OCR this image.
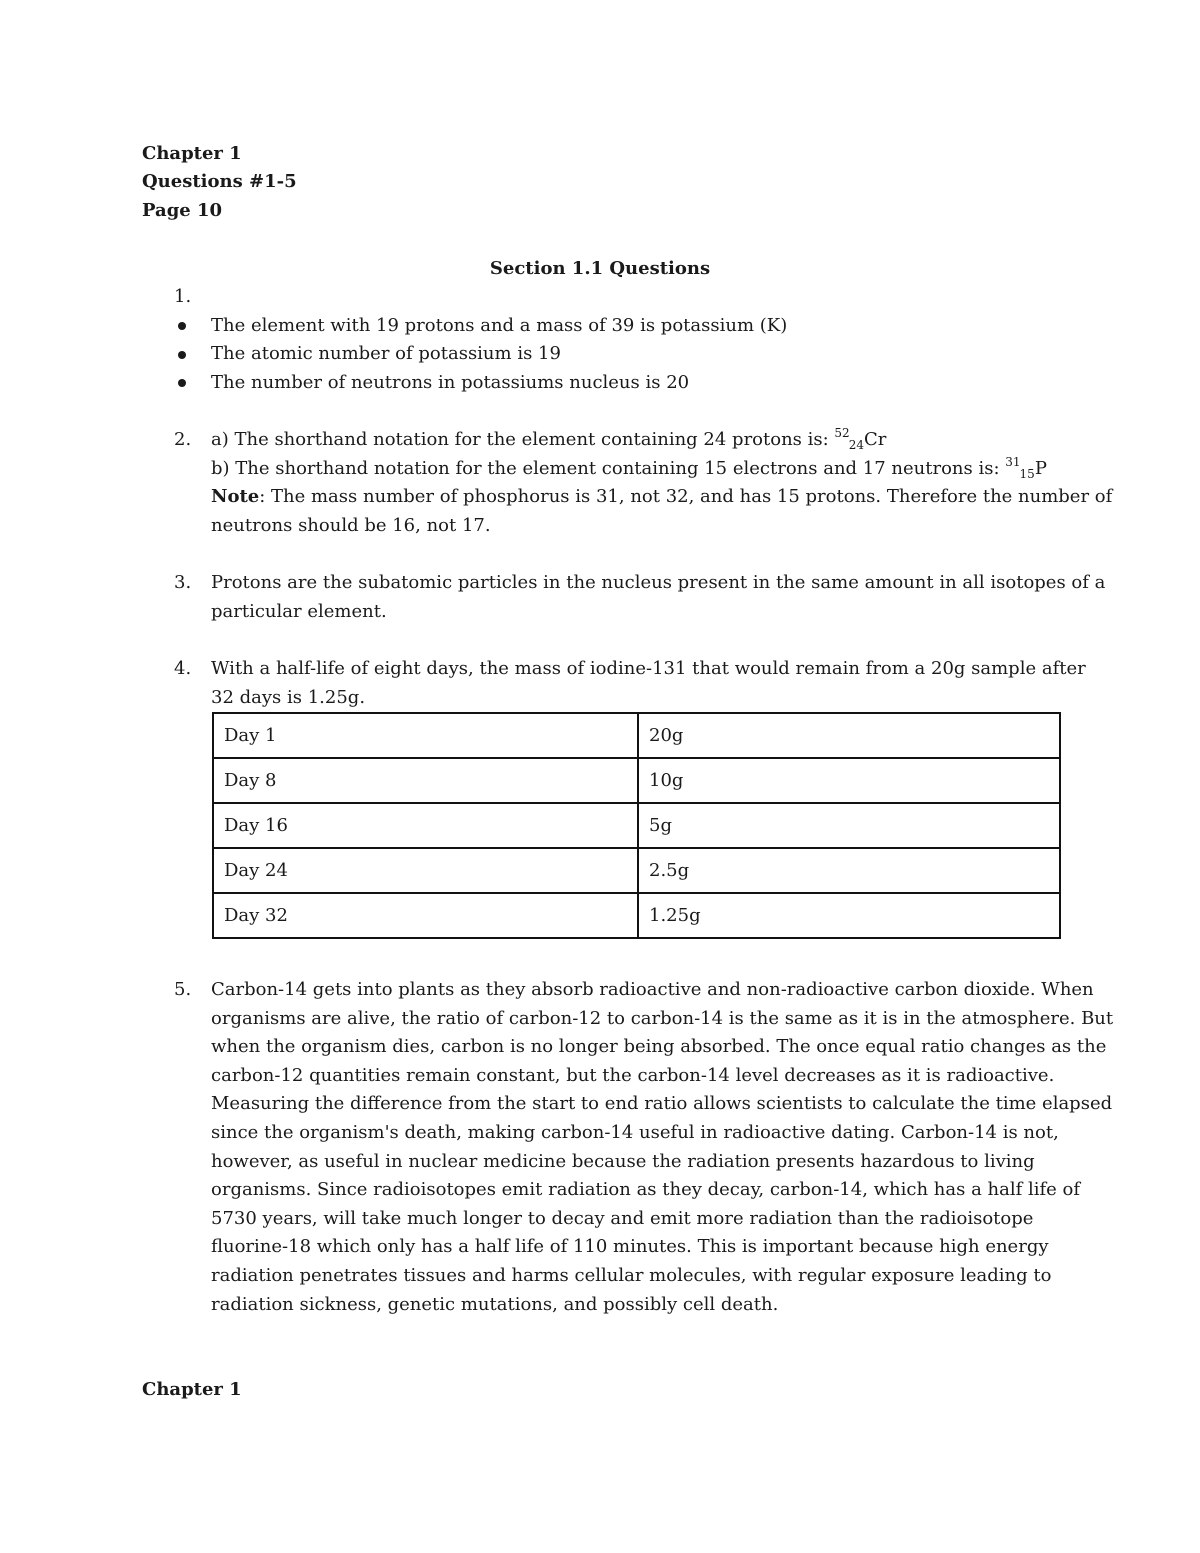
Chapter 1
Questions #1-5
Page 10
Section 1.1 Questions
1.
The element with 19 protons and a mass of 39 is potassium (K)
The atomic number of potassium is 19
The number of neutrons in potassiums nucleus is 20
2. a) The shorthand notation for the element containing 24 protons is: $^{52}_{24}$Cr
b) The shorthand notation for the element containing 15 electrons and 17 neutrons is: $^{31}_{15}$P
Note: The mass number of phosphorus is 31, not 32, and has 15 protons. Therefore the number of
neutrons should be 16, not 17.
3. Protons are the subatomic particles in the nucleus present in the same amount in all isotopes of a
particular element.
4. With a half-life of eight days, the mass of iodine-131 that would remain from a 20g sample after
32 days is 1.25g.
Day 1	20g
Day 8	10g
Day 16	5g
Day 24	2.5g
Day 32	1.25g
5. Carbon-14 gets into plants as they absorb radioactive and non-radioactive carbon dioxide. When
organisms are alive, the ratio of carbon-12 to carbon-14 is the same as it is in the atmosphere. But
when the organism dies, carbon is no longer being absorbed. The once equal ratio changes as the
carbon-12 quantities remain constant, but the carbon-14 level decreases as it is radioactive.
Measuring the difference from the start to end ratio allows scientists to calculate the time elapsed
since the organism's death, making carbon-14 useful in radioactive dating. Carbon-14 is not,
however, as useful in nuclear medicine because the radiation presents hazardous to living
organisms. Since radioisotopes emit radiation as they decay, carbon-14, which has a half life of
5730 years, will take much longer to decay and emit more radiation than the radioisotope
fluorine-18 which only has a half life of 110 minutes. This is important because high energy
radiation penetrates tissues and harms cellular molecules, with regular exposure leading to
radiation sickness, genetic mutations, and possibly cell death.
Chapter 1
